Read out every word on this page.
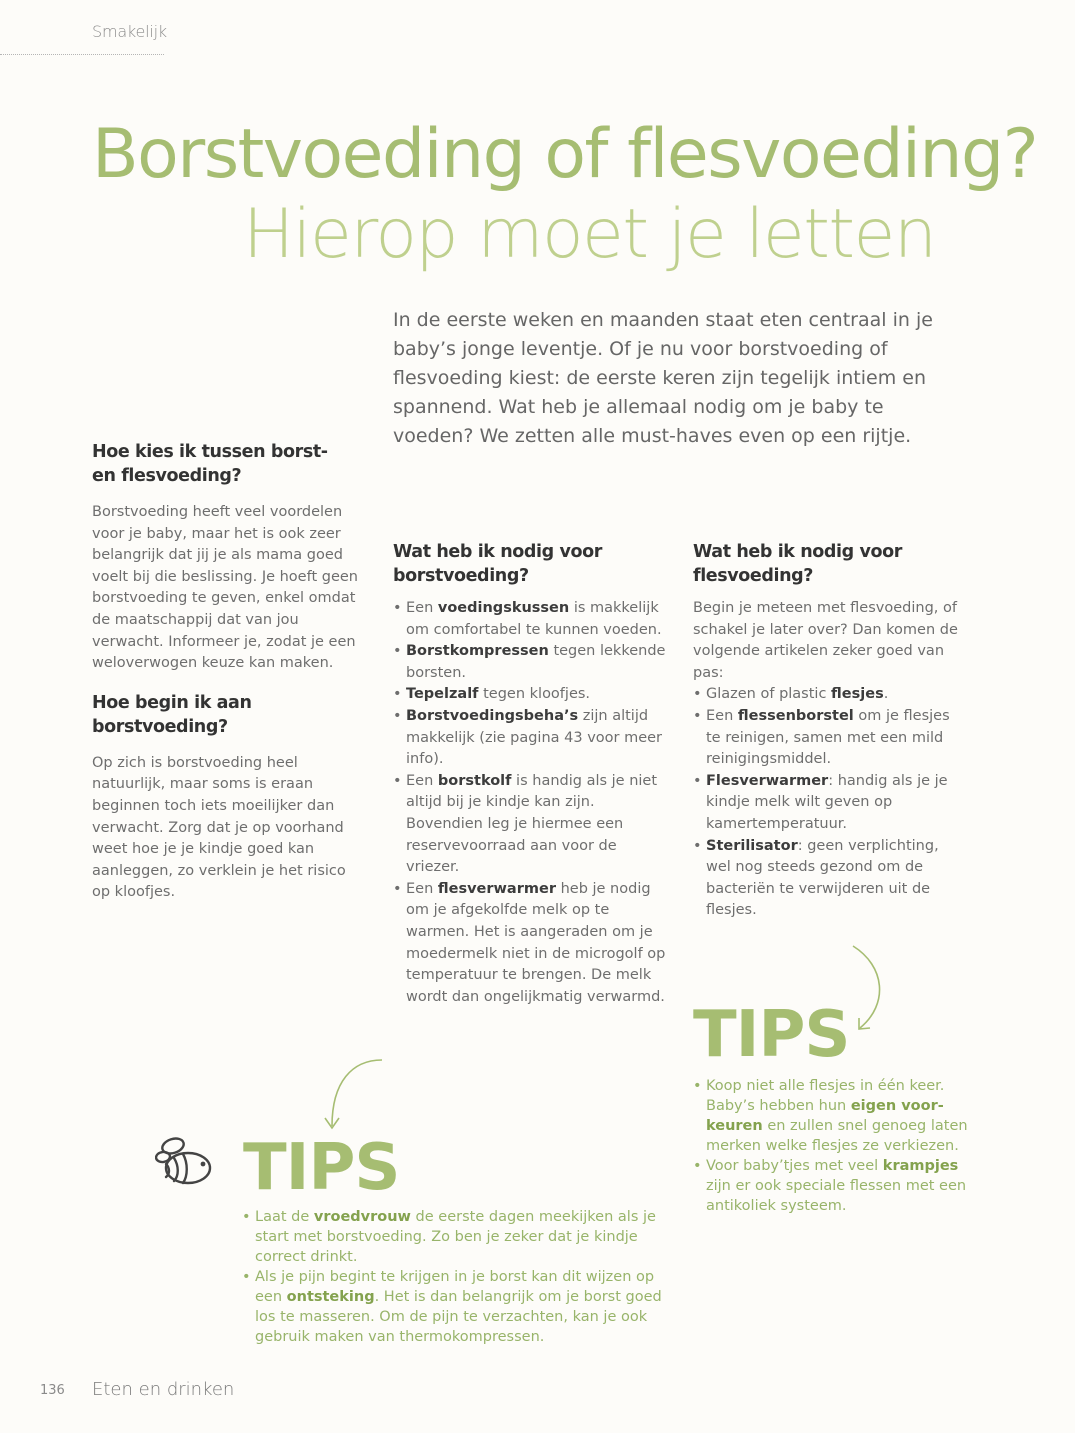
Smakelijk
Borstvoeding of flesvoeding?
Hierop moet je letten
In de eerste weken en maanden staat eten centraal in je baby’s jonge leventje. Of je nu voor borstvoeding of flesvoeding kiest: de eerste keren zijn tegelijk intiem en spannend. Wat heb je allemaal nodig om je baby te voeden? We zetten alle must-haves even op een rijtje.
Hoe kies ik tussen borst-
en flesvoeding?

Borstvoeding heeft veel voordelen voor je baby, maar het is ook zeer belangrijk dat jij je als mama goed voelt bij die beslissing. Je hoeft geen borstvoeding te geven, enkel omdat de maatschappij dat van jou verwacht. Informeer je, zodat je een weloverwogen keuze kan maken.

Hoe begin ik aan borstvoeding?

Op zich is borstvoeding heel natuurlijk, maar soms is eraan beginnen toch iets moeilijker dan verwacht. Zorg dat je op voorhand weet hoe je je kindje goed kan aanleggen, zo verklein je het risico op kloofjes.

Wat heb ik nodig voor
borstvoeding?
• Een voedingskussen is makkelijk om comfortabel te kunnen voeden.
• Borstkompressen tegen lekkende borsten.
• Tepelzalf tegen kloofjes.
• Borstvoedingsbeha’s zijn altijd makkelijk (zie pagina 43 voor meer info).
• Een borstkolf is handig als je niet altijd bij je kindje kan zijn. Bovendien leg je hiermee een reservevoorraad aan voor de vriezer.
• Een flesverwarmer heb je nodig om je afgekolfde melk op te warmen. Het is aangeraden om je moedermelk niet in de microgolf op temperatuur te brengen. De melk wordt dan ongelijkmatig verwarmd.
Wat heb ik nodig voor
flesvoeding?
Begin je meteen met flesvoeding, of schakel je later over? Dan komen de volgende artikelen zeker goed van pas:
• Glazen of plastic flesjes.
• Een flessenborstel om je flesjes te reinigen, samen met een mild reinigingsmiddel.
• Flesverwarmer: handig als je je kindje melk wilt geven op kamertemperatuur.
• Sterilisator: geen verplichting, wel nog steeds gezond om de bacteriën te verwijderen uit de flesjes.
TIPS
• Koop niet alle flesjes in één keer. Baby’s hebben hun eigen voor-keuren en zullen snel genoeg laten merken welke flesjes ze verkiezen.
• Voor baby’tjes met veel krampjes zijn er ook speciale flessen met een antikoliek systeem.
TIPS
• Laat de vroedvrouw de eerste dagen meekijken als je start met borstvoeding. Zo ben je zeker dat je kindje correct drinkt.
• Als je pijn begint te krijgen in je borst kan dit wijzen op een ontsteking. Het is dan belangrijk om je borst goed los te masseren. Om de pijn te verzachten, kan je ook gebruik maken van thermokompressen.
136 Eten en drinken
